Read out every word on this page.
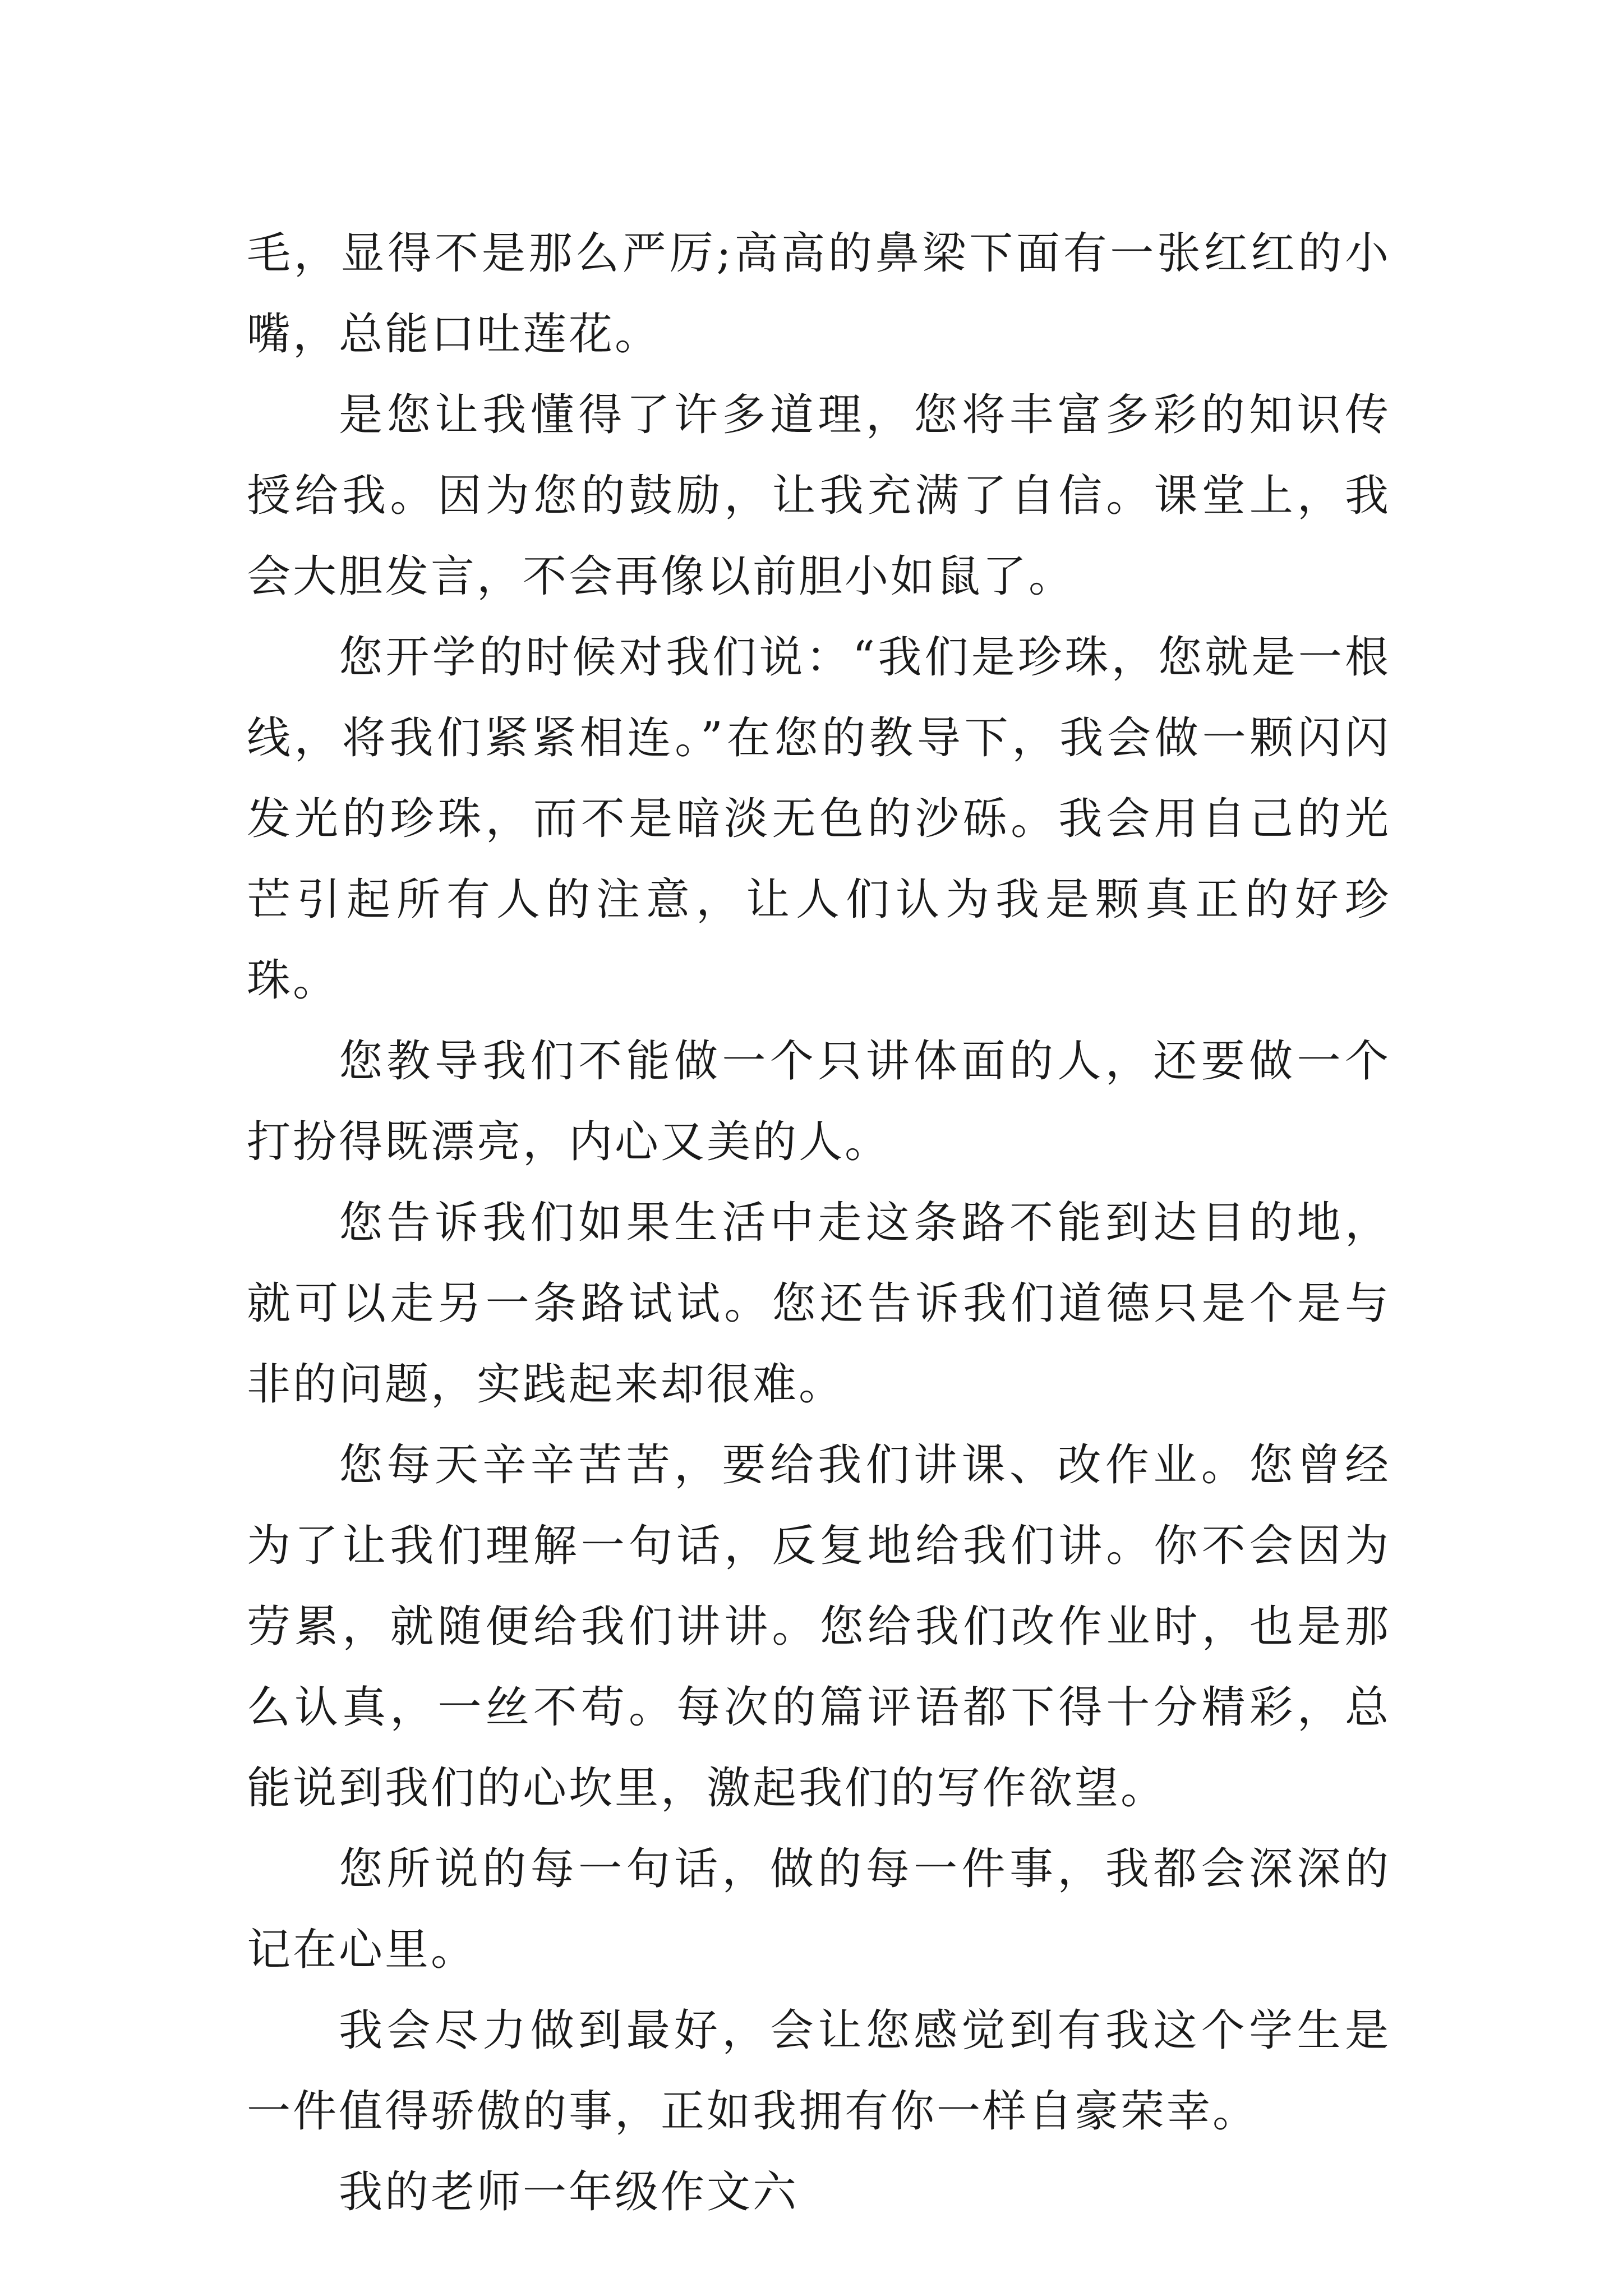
毛，显得不是那么严厉;高高的鼻梁下面有一张红红的小嘴，总能口吐莲花。

是您让我懂得了许多道理，您将丰富多彩的知识传授给我。因为您的鼓励，让我充满了自信。课堂上，我会大胆发言，不会再像以前胆小如鼠了。

您开学的时候对我们说：“我们是珍珠，您就是一根线，将我们紧紧相连。”在您的教导下，我会做一颗闪闪发光的珍珠，而不是暗淡无色的沙砾。我会用自己的光芒引起所有人的注意，让人们认为我是颗真正的好珍珠。

您教导我们不能做一个只讲体面的人，还要做一个打扮得既漂亮，内心又美的人。

您告诉我们如果生活中走这条路不能到达目的地，就可以走另一条路试试。您还告诉我们道德只是个是与非的问题，实践起来却很难。

您每天辛辛苦苦，要给我们讲课、改作业。您曾经为了让我们理解一句话，反复地给我们讲。你不会因为劳累，就随便给我们讲讲。您给我们改作业时，也是那么认真，一丝不苟。每次的篇评语都下得十分精彩，总能说到我们的心坎里，激起我们的写作欲望。

您所说的每一句话，做的每一件事，我都会深深的记在心里。

我会尽力做到最好，会让您感觉到有我这个学生是一件值得骄傲的事，正如我拥有你一样自豪荣幸。

我的老师一年级作文六
